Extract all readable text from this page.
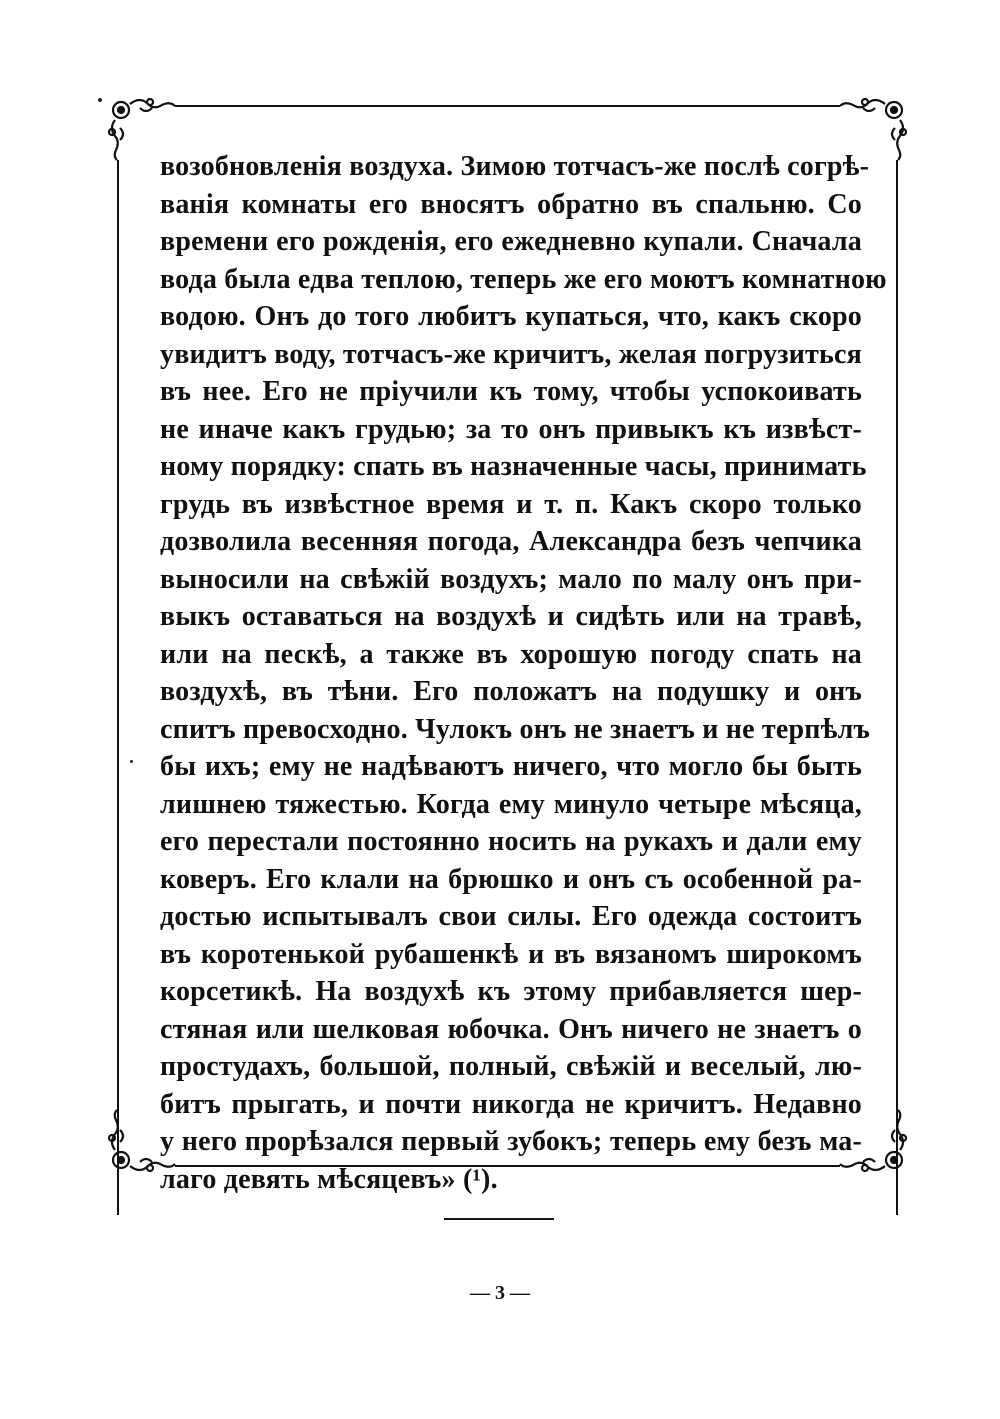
возобновленія воздуха. Зимою тотчасъ-же послѣ согрѣ-
ванія комнаты его вносятъ обратно въ спальню. Со
времени его рожденія, его ежедневно купали. Сначала
вода была едва теплою, теперь же его моютъ комнатною
водою. Онъ до того любитъ купаться, что, какъ скоро
увидитъ воду, тотчасъ-же кричитъ, желая погрузиться
въ нее. Его не пріучили къ тому, чтобы успокоивать
не иначе какъ грудью; за то онъ привыкъ къ извѣст-
ному порядку: спать въ назначенные часы, принимать
грудь въ извѣстное время и т. п. Какъ скоро только
дозволила весенняя погода, Александра безъ чепчика
выносили на свѣжій воздухъ; мало по малу онъ при-
выкъ оставаться на воздухѣ и сидѣть или на травѣ,
или на пескѣ, а также въ хорошую погоду спать на
воздухѣ, въ тѣни. Его положатъ на подушку и онъ
спитъ превосходно. Чулокъ онъ не знаетъ и не терпѣлъ
бы ихъ; ему не надѣваютъ ничего, что могло бы быть
лишнею тяжестью. Когда ему минуло четыре мѣсяца,
его перестали постоянно носить на рукахъ и дали ему
коверъ. Его клали на брюшко и онъ съ особенной ра-
достью испытывалъ свои силы. Его одежда состоитъ
въ коротенькой рубашенкѣ и въ вязаномъ широкомъ
корсетикѣ. На воздухѣ къ этому прибавляется шер-
стяная или шелковая юбочка. Онъ ничего не знаетъ о
простудахъ, большой, полный, свѣжій и веселый, лю-
битъ прыгать, и почти никогда не кричитъ. Недавно
у него прорѣзался первый зубокъ; теперь ему безъ ма-
лаго девять мѣсяцевъ» (¹).
— 3 —
